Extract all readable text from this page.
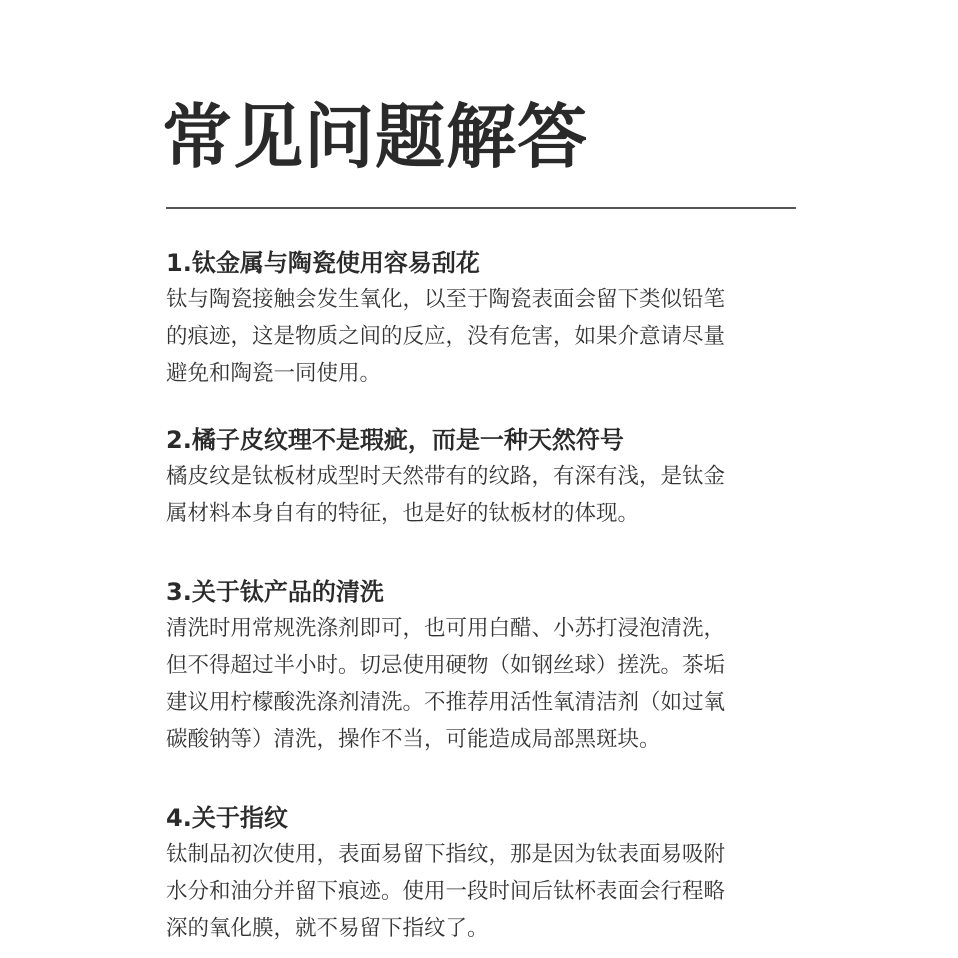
常见问题解答
1.钛金属与陶瓷使用容易刮花

钛与陶瓷接触会发生氧化，以至于陶瓷表面会留下类似铅笔
的痕迹，这是物质之间的反应，没有危害，如果介意请尽量
避免和陶瓷一同使用。

2.橘子皮纹理不是瑕疵，而是一种天然符号

橘皮纹是钛板材成型时天然带有的纹路，有深有浅，是钛金
属材料本身自有的特征，也是好的钛板材的体现。

3.关于钛产品的清洗

清洗时用常规洗涤剂即可，也可用白醋、小苏打浸泡清洗，
但不得超过半小时。切忌使用硬物（如钢丝球）搓洗。茶垢
建议用柠檬酸洗涤剂清洗。不推荐用活性氧清洁剂（如过氧
碳酸钠等）清洗，操作不当，可能造成局部黑斑块。

4.关于指纹

钛制品初次使用，表面易留下指纹，那是因为钛表面易吸附
水分和油分并留下痕迹。使用一段时间后钛杯表面会行程略
深的氧化膜，就不易留下指纹了。
